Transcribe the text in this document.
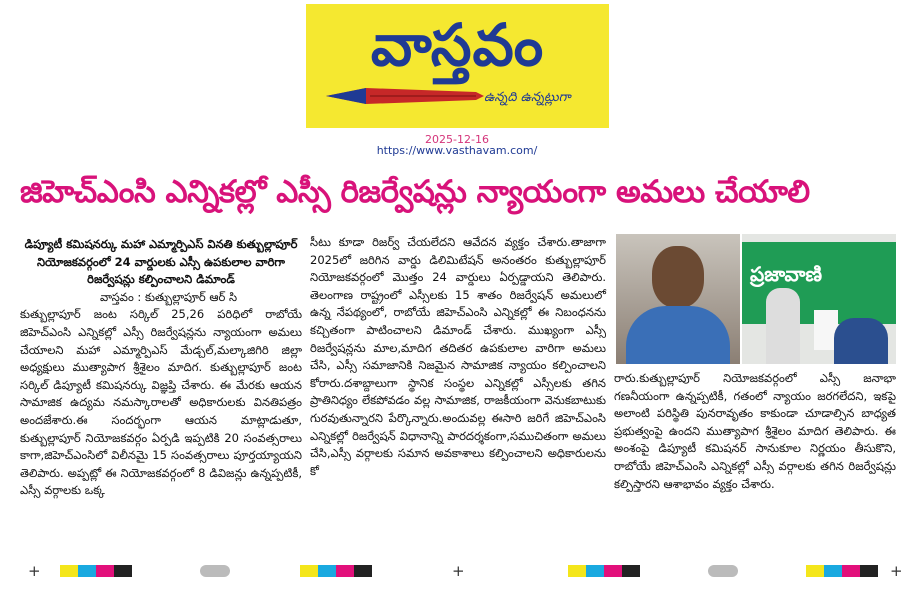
వాస్తవం
ఉన్నది ఉన్నట్లుగా
2025-12-16
https://www.vasthavam.com/
జిహెచ్ఎంసి ఎన్నికల్లో ఎస్సీ రిజర్వేషన్లు న్యాయంగా అమలు చేయాలి

డిప్యూటీ కమిషనర్కు మహా ఎమ్మార్పిఎస్ వినతి కుత్బుల్లాపూర్ నియోజకవర్గంలో 24 వార్డులకు ఎస్సీ ఉపకులాల వారిగా రిజర్వేషన్లు కల్పించాలని డిమాండ్

వాస్తవం : కుత్బుల్లాపూర్ ఆర్ సి

కుత్బుల్లాపూర్ జంట సర్కిల్ 25,26 పరిధిలో రాబోయే జిహెచ్ఎంసి ఎన్నికల్లో ఎస్సీ రిజర్వేషన్లను న్యాయంగా అమలు చేయాలని మహా ఎమ్మార్పిఎస్ మేడ్చల్,మల్కాజిగిరి జిల్లా అధ్యక్షులు ముత్యాపాగ శ్రీశైలం మాదిగ. కుత్బుల్లాపూర్ జంట సర్కిల్ డిప్యూటీ కమిషనర్కు విజ్ఞప్తి చేశారు. ఈ మేరకు ఆయన సామాజిక ఉద్యమ నమస్కారాలతో అధికారులకు వినతిపత్రం అందజేశారు.ఈ సందర్భంగా ఆయన మాట్లాడుతూ, కుత్బుల్లాపూర్ నియోజకవర్గం ఏర్పడి ఇప్పటికి 20 సంవత్సరాలు కాగా,జిహెచ్ఎంసిలో విలీనమై 15 సంవత్సరాలు పూర్తయ్యాయని తెలిపారు. అప్పట్లో ఈ నియోజకవర్గంలో 8 డివిజన్లు ఉన్నప్పటికీ, ఎస్సీ వర్గాలకు ఒక్క

సీటు కూడా రిజర్వ్ చేయలేదని ఆవేదన వ్యక్తం చేశారు.తాజాగా 2025లో జరిగిన వార్డు డిలిమిటేషన్ అనంతరం కుత్బుల్లాపూర్ నియోజకవర్గంలో మొత్తం 24 వార్డులు ఏర్పడ్డాయని తెలిపారు. తెలంగాణ రాష్ట్రంలో ఎస్సీలకు 15 శాతం రిజర్వేషన్ అమలులో ఉన్న నేపథ్యంలో, రాబోయే జిహెచ్ఎంసి ఎన్నికల్లో ఈ నిబంధనను కచ్చితంగా పాటించాలని డిమాండ్ చేశారు. ముఖ్యంగా ఎస్సీ రిజర్వేషన్లను మాల,మాదిగ తదితర ఉపకులాల వారిగా అమలు చేసి, ఎస్సీ సమాజానికి నిజమైన సామాజిక న్యాయం కల్పించాలని కోరారు.దశాబ్దాలుగా స్థానిక సంస్థల ఎన్నికల్లో ఎస్సీలకు తగిన ప్రాతినిధ్యం లేకపోవడం వల్ల సామాజిక, రాజకీయంగా వెనుకబాటుకు గురవుతున్నారని పేర్కొన్నారు.అందువల్ల ఈసారి జరిగే జిహెచ్ఎంసి ఎన్నికల్లో రిజర్వేషన్ విధానాన్ని పారదర్శకంగా,సముచితంగా అమలు చేసి,ఎస్సీ వర్గాలకు సమాన అవకాశాలు కల్పించాలని అధికారులను కో

ప్రజావాణి

రారు.కుత్బుల్లాపూర్ నియోజకవర్గంలో ఎస్సీ జనాభా గణనీయంగా ఉన్నప్పటికీ, గతంలో న్యాయం జరగలేదని, ఇకపై అలాంటి పరిస్థితి పునరావృతం కాకుండా చూడాల్సిన బాధ్యత ప్రభుత్వంపై ఉందని ముత్యాపాగ శ్రీశైలం మాదిగ తెలిపారు. ఈ అంశంపై డిప్యూటీ కమిషనర్ సానుకూల నిర్ణయం తీసుకొని, రాబోయే జిహెచ్ఎంసి ఎన్నికల్లో ఎస్సీ వర్గాలకు తగిన రిజర్వేషన్లు కల్పిస్తారని ఆశాభావం వ్యక్తం చేశారు.

+	+	+
